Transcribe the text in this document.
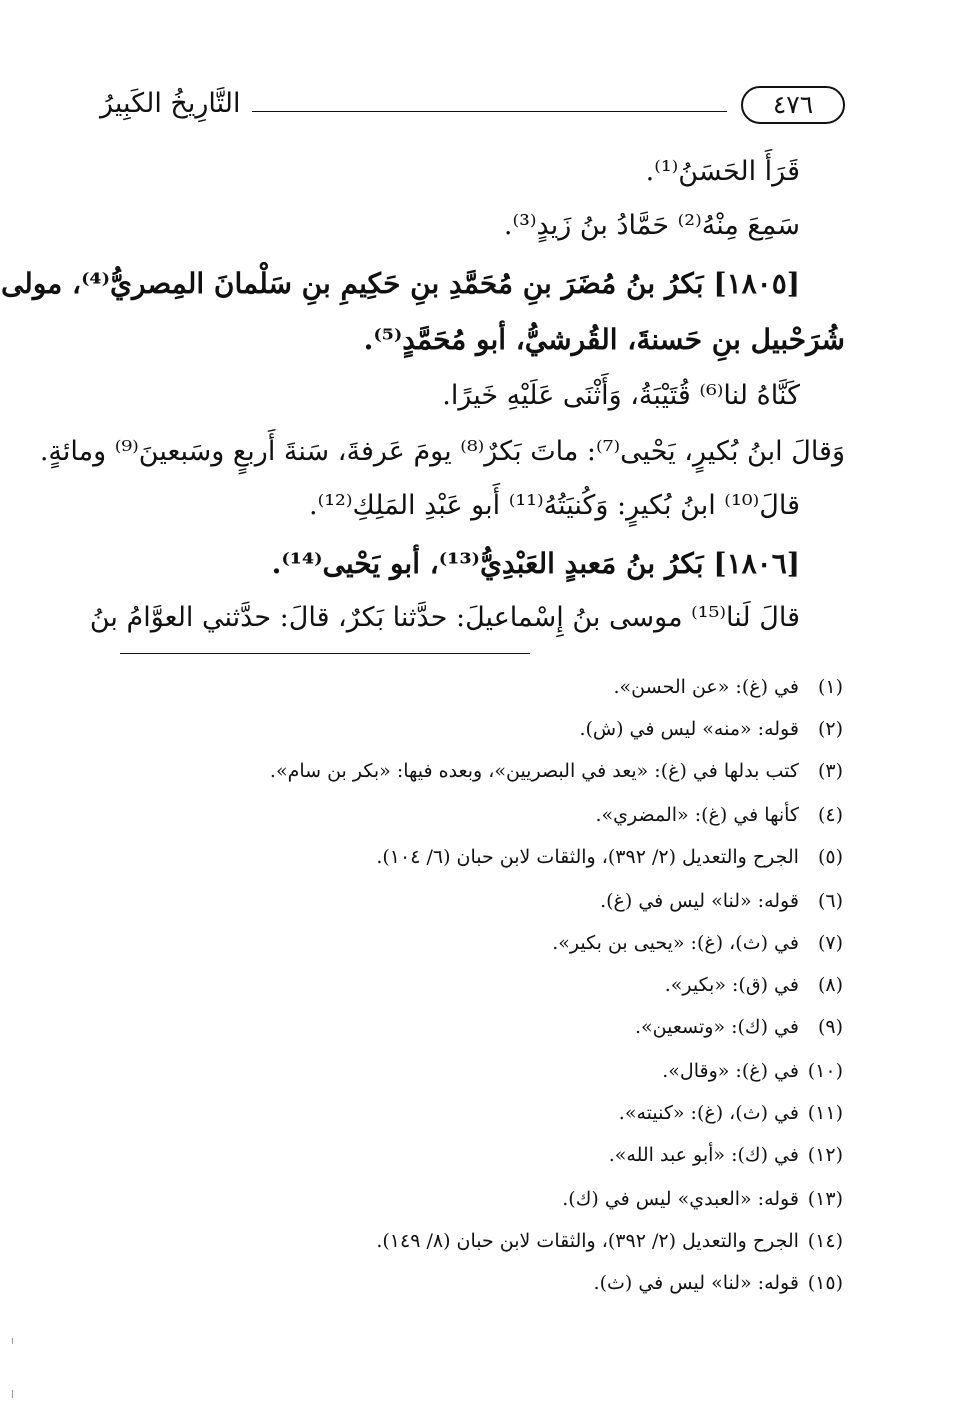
التَّارِيخُ الكَبِيرُ	٤٧٦
قَرَأَ الحَسَنُ⁽¹⁾.
سَمِعَ مِنْهُ⁽²⁾ حَمَّادُ بنُ زَيدٍ⁽³⁾.
[١٨٠٥] بَكرُ بنُ مُضَرَ بنِ مُحَمَّدِ بنِ حَكِيمِ بنِ سَلْمانَ المِصريُّ⁽⁴⁾، مولى
شُرَحْبيل بنِ حَسنةَ، القُرشيُّ، أبو مُحَمَّدٍ⁽⁵⁾.
كَنَّاهُ لنا⁽⁶⁾ قُتَيْبَةُ، وَأَثْنَى عَلَيْهِ خَيرًا.
وَقالَ ابنُ بُكيرٍ، يَحْيى⁽⁷⁾: ماتَ بَكرٌ⁽⁸⁾ يومَ عَرفةَ، سَنةَ أَربعٍ وسَبعينَ⁽⁹⁾ ومائةٍ.
قالَ⁽¹⁰⁾ ابنُ بُكيرٍ: وَكُنيَتُهُ⁽¹¹⁾ أَبو عَبْدِ المَلِكِ⁽¹²⁾.
[١٨٠٦] بَكرُ بنُ مَعبدٍ العَبْدِيُّ⁽¹³⁾، أبو يَحْيى⁽¹⁴⁾.
قالَ لَنا⁽¹⁵⁾ موسى بنُ إِسْماعيلَ: حدَّثنا بَكرٌ، قالَ: حدَّثني العوَّامُ بنُ
(١) في (غ): «عن الحسن».
(٢) قوله: «منه» ليس في (ش).
(٣) كتب بدلها في (غ): «يعد في البصريين»، وبعده فيها: «بكر بن سام».
(٤) كأنها في (غ): «المضري».
(٥) الجرح والتعديل (٢/ ٣٩٢)، والثقات لابن حبان (٦/ ١٠٤).
(٦) قوله: «لنا» ليس في (غ).
(٧) في (ث)، (غ): «يحيى بن بكير».
(٨) في (ق): «بكير».
(٩) في (ك): «وتسعين».
(١٠) في (غ): «وقال».
(١١) في (ث)، (غ): «كنيته».
(١٢) في (ك): «أبو عبد الله».
(١٣) قوله: «العبدي» ليس في (ك).
(١٤) الجرح والتعديل (٢/ ٣٩٢)، والثقات لابن حبان (٨/ ١٤٩).
(١٥) قوله: «لنا» ليس في (ث).
